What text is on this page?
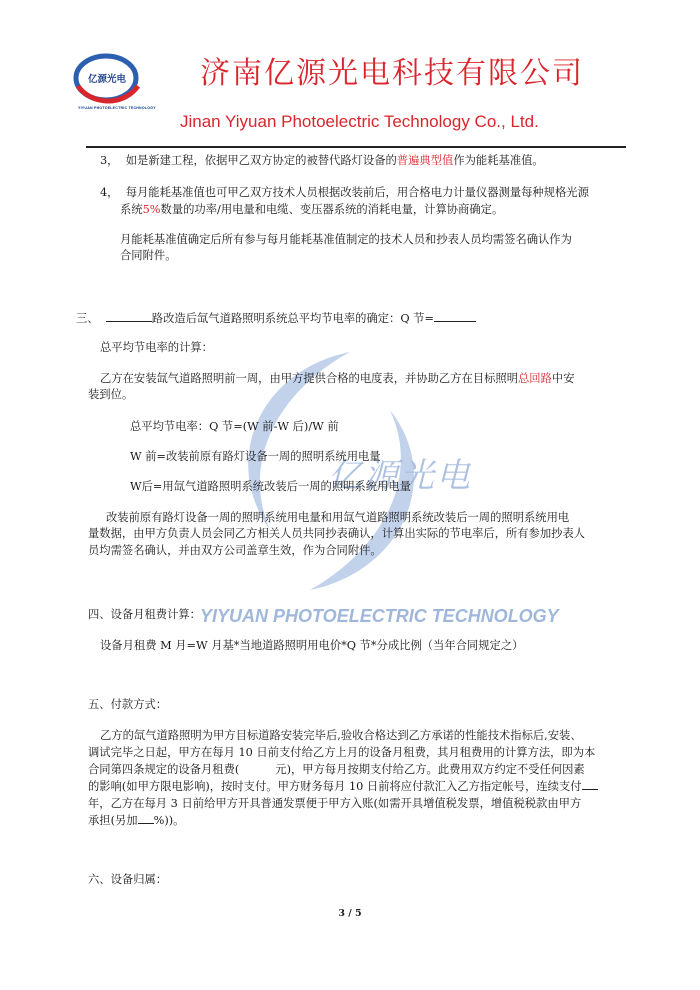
亿源光电
YIYUAN PHOTOELECTRIC TECHNOLOGY
亿源光电
YIYUAN PHOTOELECTRIC TECHNOLOGY
济南亿源光电科技有限公司
Jinan Yiyuan Photoelectric Technology Co., Ltd.
3， 如是新建工程，依据甲乙双方协定的被替代路灯设备的普遍典型值作为能耗基准值。
4， 每月能耗基准值也可甲乙双方技术人员根据改装前后，用合格电力计量仪器测量每种规格光源
系统5%数量的功率/用电量和电缆、变压器系统的消耗电量，计算协商确定。
月能耗基准值确定后所有参与每月能耗基准值制定的技术人员和抄表人员均需签名确认作为
合同附件。
三、	路改造后氙气道路照明系统总平均节电率的确定：Q 节=
总平均节电率的计算：
乙方在安装氙气道路照明前一周，由甲方提供合格的电度表，并协助乙方在目标照明总回路中安
装到位。
总平均节电率：Q 节=(W 前-W 后)/W 前
W 前=改装前原有路灯设备一周的照明系统用电量
W后=用氙气道路照明系统改装后一周的照明系统用电量
改装前原有路灯设备一周的照明系统用电量和用氙气道路照明系统改装后一周的照明系统用电
量数据，由甲方负责人员会同乙方相关人员共同抄表确认，计算出实际的节电率后，所有参加抄表人
员均需签名确认，并由双方公司盖章生效，作为合同附件。
四、设备月租费计算：
设备月租费 M 月=W 月基*当地道路照明用电价*Q 节*分成比例（当年合同规定之）
五、付款方式：
乙方的氙气道路照明为甲方目标道路安装完毕后,验收合格达到乙方承诺的性能技术指标后,安装、
调试完毕之日起，甲方在每月 10 日前支付给乙方上月的设备月租费，其月租费用的计算方法，即为本
合同第四条规定的设备月租费(	元)，甲方每月按期支付给乙方。此费用双方约定不受任何因素
的影响(如甲方限电影响)，按时支付。甲方财务每月 10 日前将应付款汇入乙方指定帐号，连续支付
年，乙方在每月 3 日前给甲方开具普通发票便于甲方入账(如需开具增值税发票，增值税税款由甲方
承担(另加 %))。
六、设备归属：
3 / 5
